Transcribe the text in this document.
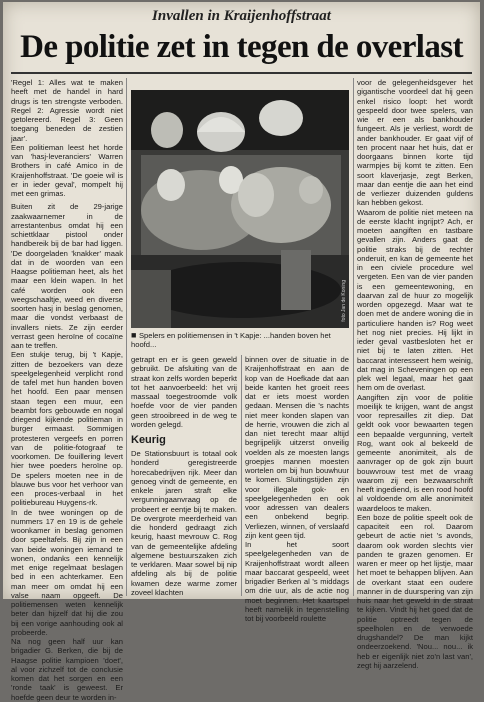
Invallen in Kraijenhoffstraat
De politie zet in tegen de overlast

'Regel 1: Alles wat te maken heeft met de handel in hard drugs is ten strengste verboden. Regel 2: Agressie wordt niet getolereerd. Regel 3: Geen toegang beneden de zestien jaar'.

Een politieman leest het horde van 'hasj-leveranciers' Warren Brothers in café Amico in de Kraijenhoffstraat. 'De goeie wil is er in ieder geval', mompelt hij met een grimas.

Buiten zit de 29-jarige zaakwaarnemer in de arrestantenbus omdat hij een schiettklaar pistool onder handbereik bij de bar had liggen. 'De doorgeladen 'knakker' maak dat in de woorden van een Haagse politieman heet, als het maar een klein wapen. In het café worden ook een weegschaaltje, weed en diverse soorten hasj in beslag genomen, maar die vondst verbaast de invallers niets. Ze zijn eerder verrast geen heroïne of cocaïne aan te treffen.

Een stukje terug, bij 't Kapje, zitten de bezoekers van deze speelgelegenheid verplicht rond de tafel met hun handen boven het hoofd. Een paar mensen staan tegen een muur, een beambt fors gebouwde en nogal driegend kijkende politieman in burger ermaast. Sommigen protesteren vergeefs en porren van de politie-fotograaf te voorkomen. De fouillering levert hier twee poeders heroïne op. De spelers moeten nee in de blauwe bus voor het verhoor van een proces-verbaal in het politiebureau Huygens-rk.

In de twee woningen op de nummers 17 en 19 is de gehele woonkamer in beslag genomen door speeltafels. Bij zijn in een van beide woningen iemand te wonen, ondanks een kennelijk met enige regelmaat beslagen bed in een achterkamer. Een man meer om omdat hij een valse naam opgeeft. De politiemensen weten kennelijk beter dan hijzelf dat hij die zou bij een vorige aanhouding ook al probeerde.

Na nog geen half uur kan brigadier G. Berken, die bij de Haagse politie kampioen 'doet', al voor zichzelf tot de conclusie komen dat het sorgen en een 'ronde taak' is geweest. Er hoefde geen deur te worden in-

foto Jan de Koning
■ Spelers en politiemensen in 't Kapje: ...handen boven het hoofd...

getrapt en er is geen geweld gebruikt. De afsluiting van de straat kon zelfs worden beperkt tot het aanvoerbeeld: het vrij massaal toegestroomde volk hoefde voor de vier panden geen strooibreed in de weg te worden gelegd.

Keurig

De Stationsbuurt is totaal ook honderd geregistreerde horecabedrijven rijk. Meer dan genoeg vindt de gemeente, en enkele jaren straft elke vergunningaanvraag op de probeert er eentje bij te maken. De overgrote meerderheid van die honderd gedraagt zich keurig, haast mevrouw C. Rog van de gemeentelijke afdeling algemene bestuurszaken zich te verklaren. Maar sowel bij nip afdeling als bij de politie kwamen deze warme zomer zoveel klachten

binnen over de situatie in de Kraijenhoffstraat en aan de kop van de Hoefkade dat aan beide kanten het groeit rees dat er iets moest worden gedaan. Mensen die 's nachts niet meer konden slapen van de herrie, vrouwen die zich al dan niet terecht maar altijd begrijpelijk uitzerst onveilig voelden als ze moesten langs groepjes mannen moesten wortelen om bij hun bouwhuur te komen. Sluitingstijden zijn voor illegale gok- en speelgelegenheden en ook voor adressen van dealers een onbekend begrip. Verliezen, winnen, of verslaafd zijn kent geen tijd.

In het soort speelgelegenheden van de Kraijenhoffstraat wordt alleen maar baccarat gespeeld, weet brigadier Berken al 's middags om drie uur, als de actie nog moet beginnen. Het kaartspel heeft namelijk in tegenstelling tot bij voorbeeld roulette

voor de gelegenheidsgever het gigantische voordeel dat hij geen enkel risico loopt: het wordt gespeeld door twee spelers, van wie er een als bankhouder fungeert. Als je verliest, wordt de ander bankhouder. Er gaat vijf of ten procent naar het huis, dat er doorgaans binnen korte tijd warmpjes bij komt te zitten. Een soort klaverjasje, zegt Berken, maar dan eentje die aan het eind de verliezer duizenden guldens kan hebben gekost.

Waarom de politie niet meteen na de eerste klacht ingrijpt? Ach, er moeten aangiften en tastbare gevallen zijn. Anders gaat de politie straks bij de rechter onderuit, en kan de gemeente het in een civiele procedure wel vergeten. Een van de vier panden is een gemeentewoning, en daarvan zal de huur zo mogelijk worden opgezegd. Maar wat te doen met de andere woning die in particuliere handen is? Rog weet het nog niet precies. Hij lijkt in ieder geval vastbesloten het er niet bij te laten zitten. Het baccarat interesseert hem weinig, dat mag in Scheveningen op een plek wel legaal, maar het gaat hem om de overlast.

Aangiften zijn voor de politie moeilijk te krijgen, want de angst voor represailles zit diep. Dat geldt ook voor bewaarten tegen een bepaalde vergunning, vertelt Rog, want ook al bekeeld de gemeente anonimiteit, als de aanvrager op de gok zijn buurt bouwvrouw test met de vraag waarom zij een bezwaarschrift heeft ingediend, is een rood hoofd al voldoende om alle anonimiteit waardeloos te maken.

Een boze de politie speelt ook de capaciteit een rol. Daarom gebeurt de actie niet 's avonds, daarom ook worden slechts vier panden te grazen genomen. Er waren er meer op het lijstje, maar het moet te behappen blijven. Aan de overkant staat een oudere manner in de duurspering van zijn huis naar het geweld in de straat te kijken. Vindt hij het goed dat de politie optreedt tegen de speelholen en de verwoede drugshandel? De man kijkt ondeerzoekend. 'Nou... nou... ik heb er eigenlijk niet zo'n last van', zegt hij aarzelend.
